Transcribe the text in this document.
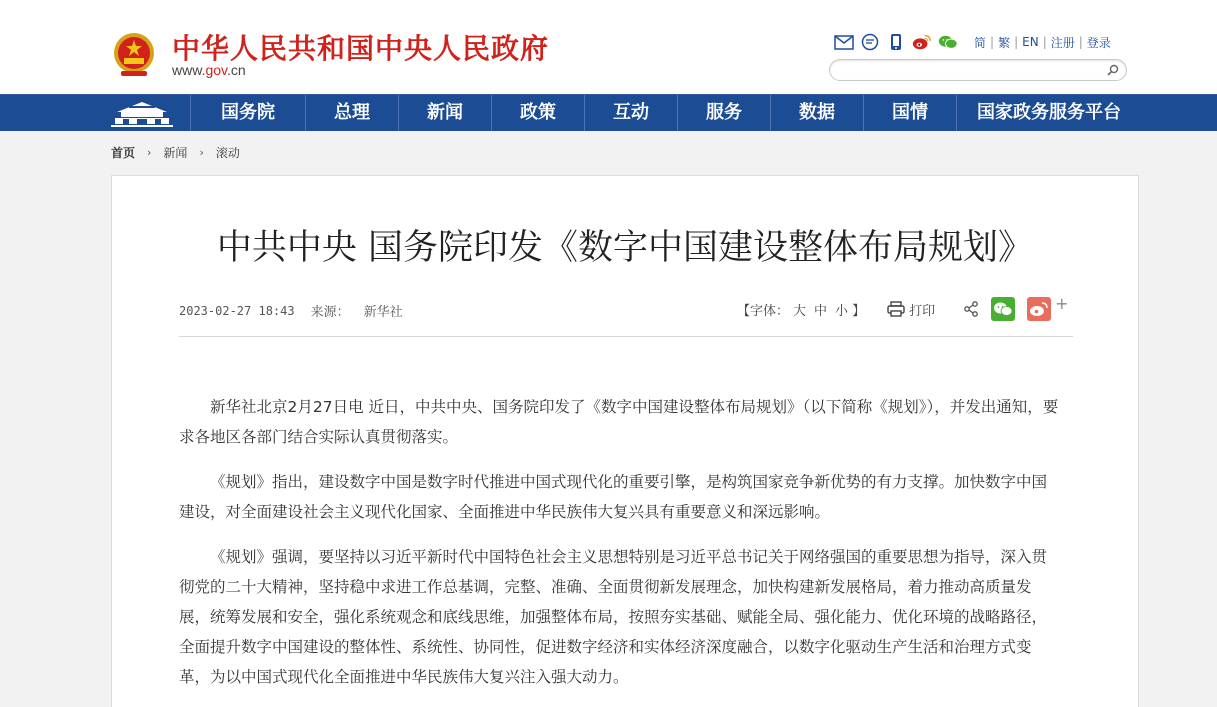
中华人民共和国中央人民政府
www.gov.cn
简 | 繁 | EN | 注册 | 登录
国务院	总理	新闻	政策	互动	服务	数据	国情	国家政务服务平台
首页 › 新闻 › 滚动
中共中央 国务院印发《数字中国建设整体布局规划》
2023-02-27 18:43 来源： 新华社	【字体： 大 中 小 】	打印	+

新华社北京2月27日电 近日，中共中央、国务院印发了《数字中国建设整体布局规划》（以下简称《规划》），并发出通知，要求各地区各部门结合实际认真贯彻落实。

《规划》指出，建设数字中国是数字时代推进中国式现代化的重要引擎，是构筑国家竞争新优势的有力支撑。加快数字中国建设，对全面建设社会主义现代化国家、全面推进中华民族伟大复兴具有重要意义和深远影响。

《规划》强调，要坚持以习近平新时代中国特色社会主义思想特别是习近平总书记关于网络强国的重要思想为指导，深入贯彻党的二十大精神，坚持稳中求进工作总基调，完整、准确、全面贯彻新发展理念，加快构建新发展格局，着力推动高质量发展，统筹发展和安全，强化系统观念和底线思维，加强整体布局，按照夯实基础、赋能全局、强化能力、优化环境的战略路径，全面提升数字中国建设的整体性、系统性、协同性，促进数字经济和实体经济深度融合，以数字化驱动生产生活和治理方式变革，为以中国式现代化全面推进中华民族伟大复兴注入强大动力。
